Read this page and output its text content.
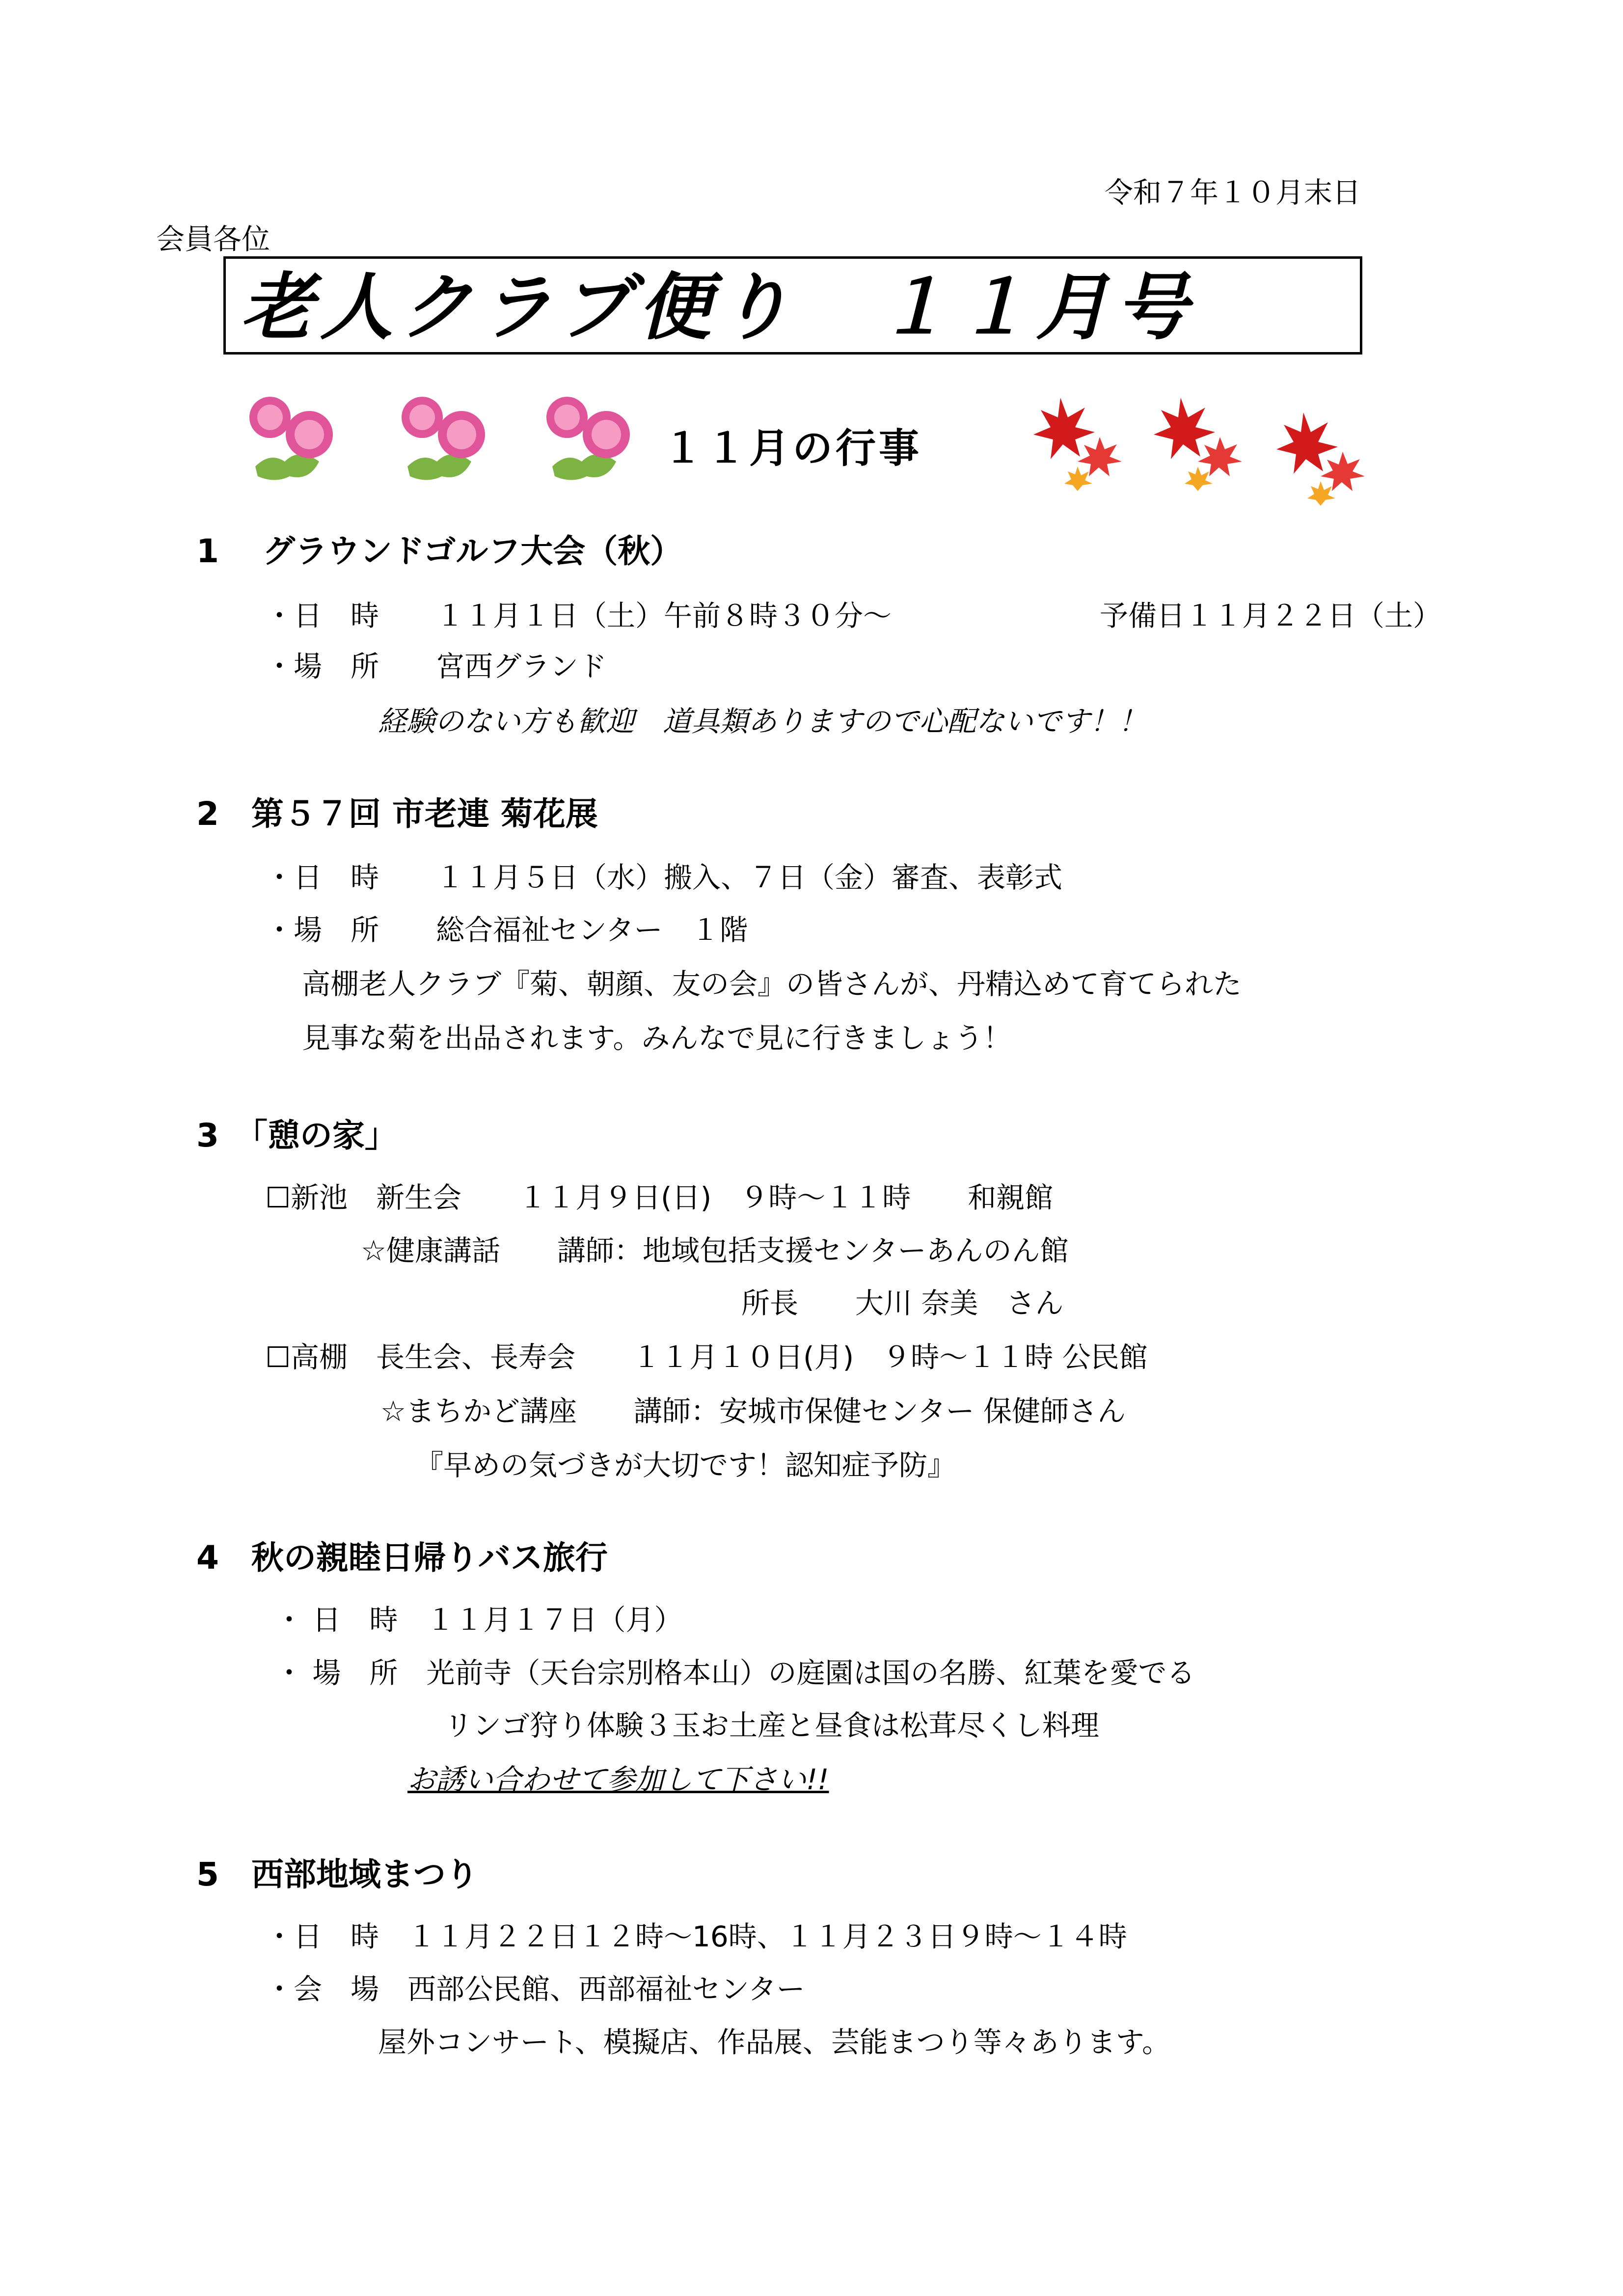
令和７年１０月末日
会員各位
老人クラブ便り　１１月号
１１月の行事
1　 グラウンドゴルフ大会（秋）
・日　時　　１１月１日（土）午前８時３０分～	予備日１１月２２日（土）
・場　所　　宮西グランド
経験のない方も歓迎　道具類ありますので心配ないです！！
2　第５７回 市老連 菊花展
・日　時　　１１月５日（水）搬入、７日（金）審査、表彰式
・場　所　　総合福祉センター　１階
高棚老人クラブ『菊、朝顔、友の会』の皆さんが、丹精込めて育てられた
見事な菊を出品されます。みんなで見に行きましょう！
3　「憩の家」
☐新池　新生会　　１１月９日(日)　９時～１１時　　和親館
☆健康講話　　講師：地域包括支援センターあんのん館
所長　　大川 奈美　さん
☐高棚　長生会、長寿会　　１１月１０日(月)　９時～１１時 公民館
☆まちかど講座　　講師：安城市保健センター 保健師さん
『早めの気づきが大切です！認知症予防』
4　秋の親睦日帰りバス旅行
・ 日　時　１１月１７日（月）
・ 場　所　光前寺（天台宗別格本山）の庭園は国の名勝、紅葉を愛でる
リンゴ狩り体験３玉お土産と昼食は松茸尽くし料理
お誘い合わせて参加して下さい!!
5　西部地域まつり
・日　時　１１月２２日１２時～16時、１１月２３日９時～１４時
・会　場　西部公民館、西部福祉センター
屋外コンサート、模擬店、作品展、芸能まつり等々あります。
